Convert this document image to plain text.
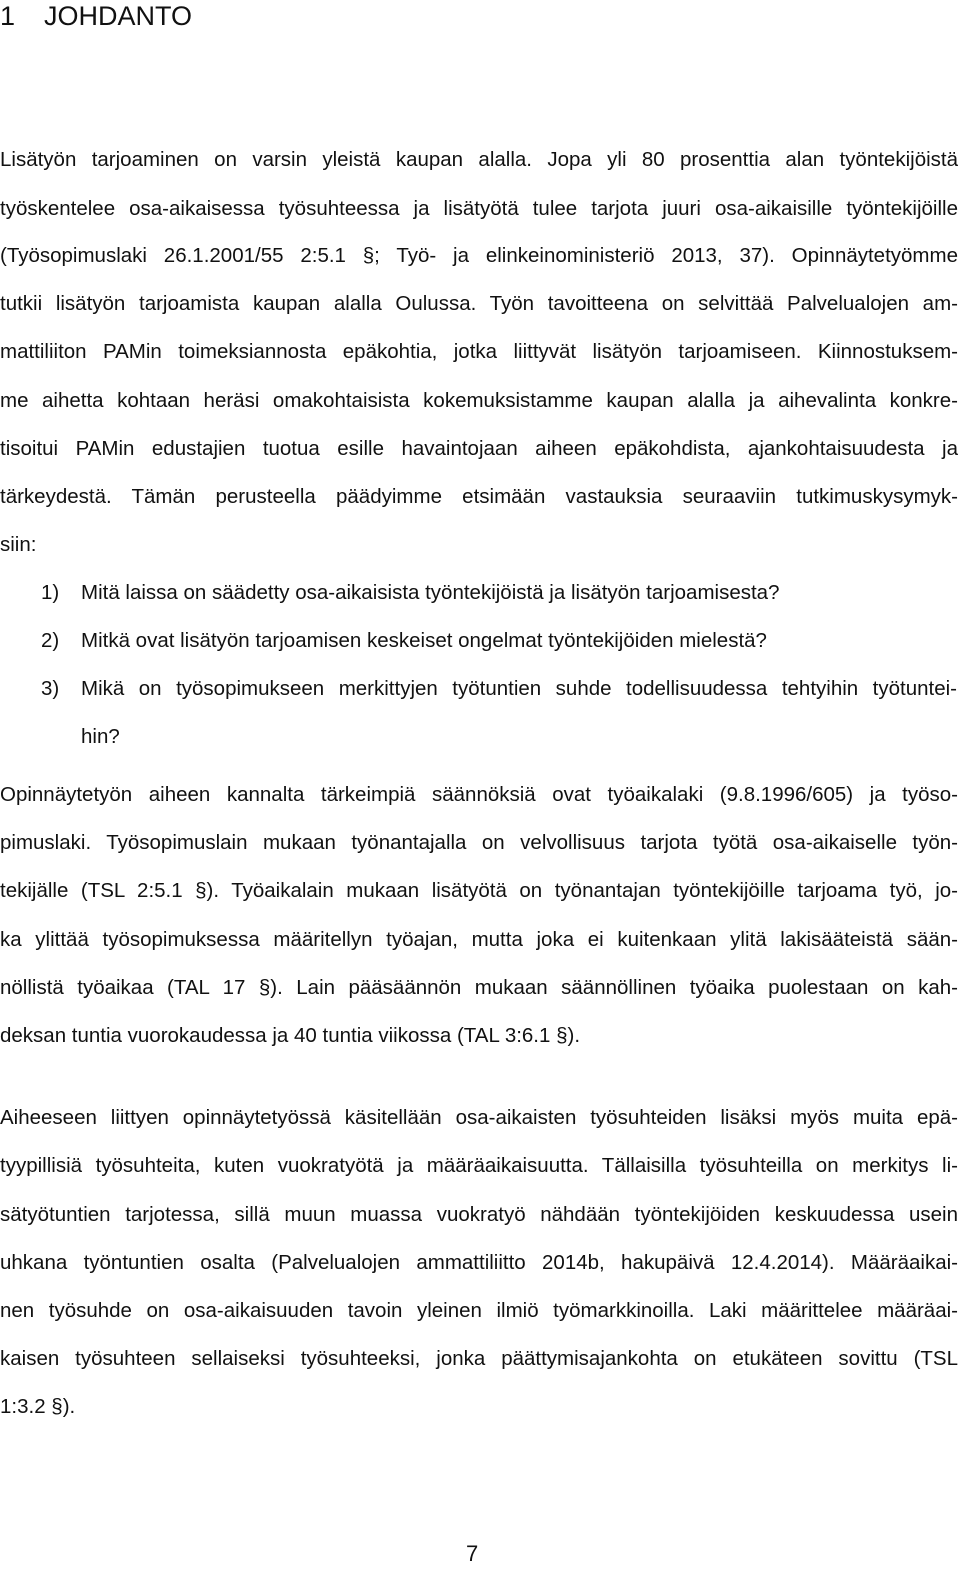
1 JOHDANTO

Lisätyön tarjoaminen on varsin yleistä kaupan alalla. Jopa yli 80 prosenttia alan työntekijöistä

työskentelee osa-aikaisessa työsuhteessa ja lisätyötä tulee tarjota juuri osa-aikaisille työntekijöille

(Työsopimuslaki 26.1.2001/55 2:5.1 §; Työ- ja elinkeinoministeriö 2013, 37). Opinnäytetyömme

tutkii lisätyön tarjoamista kaupan alalla Oulussa. Työn tavoitteena on selvittää Palvelualojen am-

mattiliiton PAMin toimeksiannosta epäkohtia, jotka liittyvät lisätyön tarjoamiseen. Kiinnostuksem-

me aihetta kohtaan heräsi omakohtaisista kokemuksistamme kaupan alalla ja aihevalinta konkre-

tisoitui PAMin edustajien tuotua esille havaintojaan aiheen epäkohdista, ajankohtaisuudesta ja

tärkeydestä. Tämän perusteella päädyimme etsimään vastauksia seuraaviin tutkimuskysymyk-

siin:

1) Mitä laissa on säädetty osa-aikaisista työntekijöistä ja lisätyön tarjoamisesta?
2) Mitkä ovat lisätyön tarjoamisen keskeiset ongelmat työntekijöiden mielestä?
3) Mikä on työsopimukseen merkittyjen työtuntien suhde todellisuudessa tehtyihin työtuntei-
hin?

Opinnäytetyön aiheen kannalta tärkeimpiä säännöksiä ovat työaikalaki (9.8.1996/605) ja työso-

pimuslaki. Työsopimuslain mukaan työnantajalla on velvollisuus tarjota työtä osa-aikaiselle työn-

tekijälle (TSL 2:5.1 §). Työaikalain mukaan lisätyötä on työnantajan työntekijöille tarjoama työ, jo-

ka ylittää työsopimuksessa määritellyn työajan, mutta joka ei kuitenkaan ylitä lakisääteistä sään-

nöllistä työaikaa (TAL 17 §). Lain pääsäännön mukaan säännöllinen työaika puolestaan on kah-

deksan tuntia vuorokaudessa ja 40 tuntia viikossa (TAL 3:6.1 §).

Aiheeseen liittyen opinnäytetyössä käsitellään osa-aikaisten työsuhteiden lisäksi myös muita epä-

tyypillisiä työsuhteita, kuten vuokratyötä ja määräaikaisuutta. Tällaisilla työsuhteilla on merkitys li-

sätyötuntien tarjotessa, sillä muun muassa vuokratyö nähdään työntekijöiden keskuudessa usein

uhkana työntuntien osalta (Palvelualojen ammattiliitto 2014b, hakupäivä 12.4.2014). Määräaikai-

nen työsuhde on osa-aikaisuuden tavoin yleinen ilmiö työmarkkinoilla. Laki määrittelee määräai-

kaisen työsuhteen sellaiseksi työsuhteeksi, jonka päättymisajankohta on etukäteen sovittu (TSL

1:3.2 §).

7
